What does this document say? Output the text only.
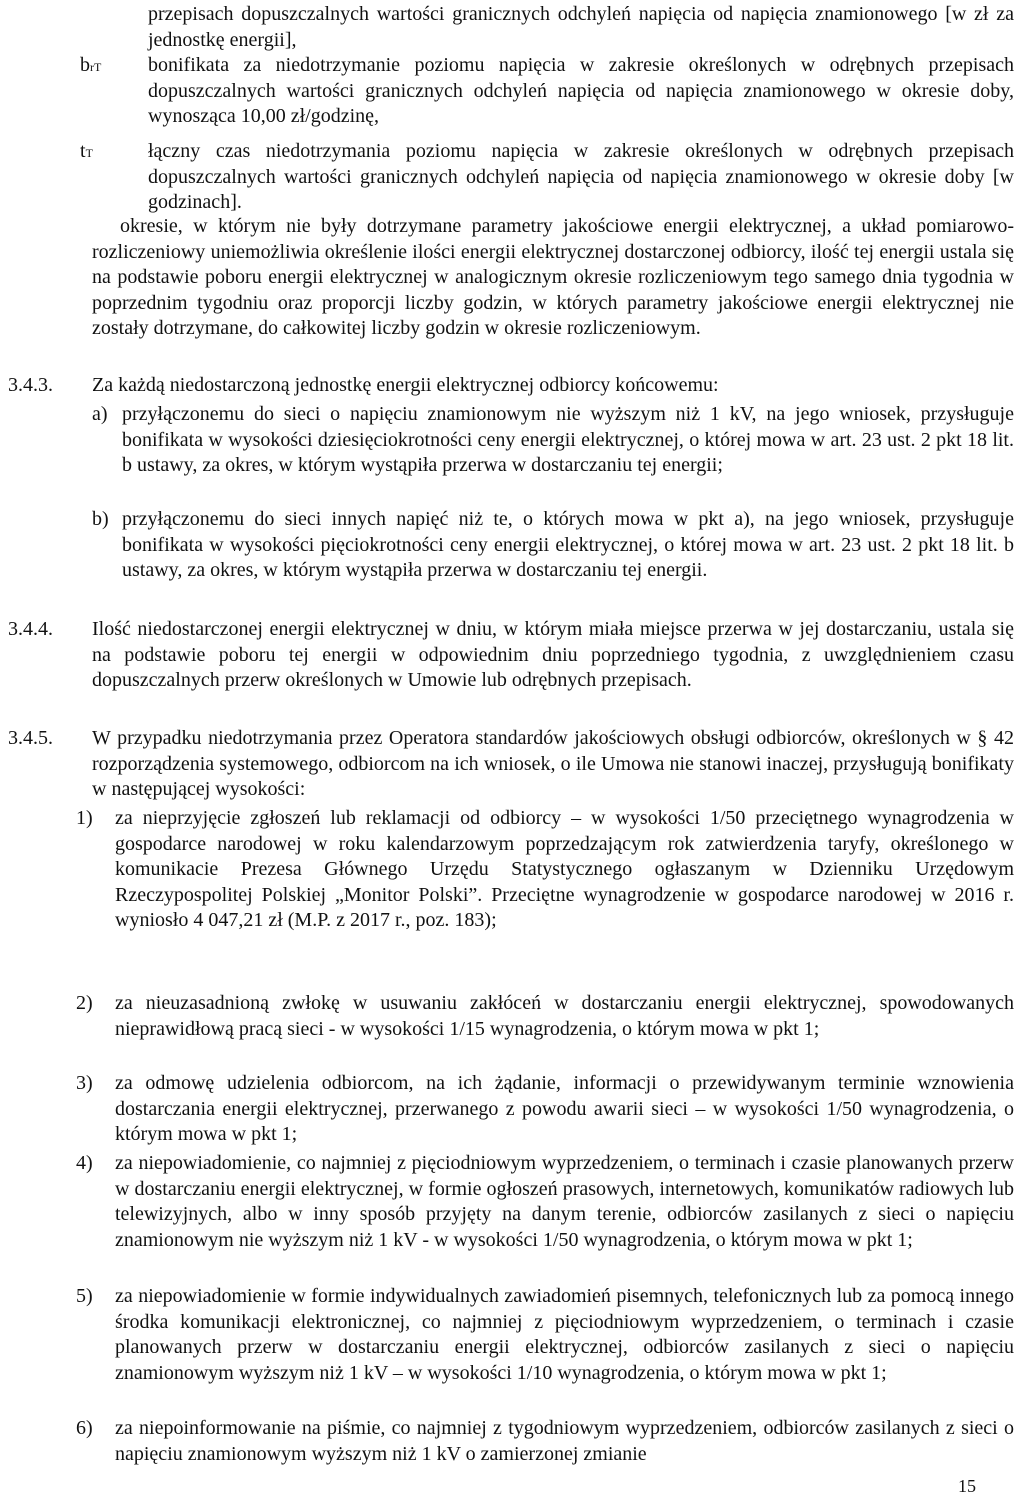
przepisach dopuszczalnych wartości granicznych odchyleń napięcia od napięcia znamionowego [w zł za jednostkę energii],
brT bonifikata za niedotrzymanie poziomu napięcia w zakresie określonych w odrębnych przepisach dopuszczalnych wartości granicznych odchyleń napięcia od napięcia znamionowego w okresie doby, wynosząca 10,00 zł/godzinę,
tT	łączny czas niedotrzymania poziomu napięcia w zakresie określonych w odrębnych przepisach dopuszczalnych wartości granicznych odchyleń napięcia od napięcia znamionowego w okresie doby [w godzinach].
okresie, w którym nie były dotrzymane parametry jakościowe energii elektrycznej, a układ pomiarowo-rozliczeniowy uniemożliwia określenie ilości energii elektrycznej dostarczonej odbiorcy, ilość tej energii ustala się na podstawie poboru energii elektrycznej w analogicznym okresie rozliczeniowym tego samego dnia tygodnia w poprzednim tygodniu oraz proporcji liczby godzin, w których parametry jakościowe energii elektrycznej nie zostały dotrzymane, do całkowitej liczby godzin w okresie rozliczeniowym.
3.4.3. Za każdą niedostarczoną jednostkę energii elektrycznej odbiorcy końcowemu:
a) przyłączonemu do sieci o napięciu znamionowym nie wyższym niż 1 kV, na jego wniosek, przysługuje bonifikata w wysokości dziesięciokrotności ceny energii elektrycznej, o której mowa w art. 23 ust. 2 pkt 18 lit. b ustawy, za okres, w którym wystąpiła przerwa w dostarczaniu tej energii;
b) przyłączonemu do sieci innych napięć niż te, o których mowa w pkt a), na jego wniosek, przysługuje bonifikata w wysokości pięciokrotności ceny energii elektrycznej, o której mowa w art. 23 ust. 2 pkt 18 lit. b ustawy, za okres, w którym wystąpiła przerwa w dostarczaniu tej energii.
3.4.4. Ilość niedostarczonej energii elektrycznej w dniu, w którym miała miejsce przerwa w jej dostarczaniu, ustala się na podstawie poboru tej energii w odpowiednim dniu poprzedniego tygodnia, z uwzględnieniem czasu dopuszczalnych przerw określonych w Umowie lub odrębnych przepisach.
3.4.5. W przypadku niedotrzymania przez Operatora standardów jakościowych obsługi odbiorców, określonych w § 42 rozporządzenia systemowego, odbiorcom na ich wniosek, o ile Umowa nie stanowi inaczej, przysługują bonifikaty w następującej wysokości:
1) za nieprzyjęcie zgłoszeń lub reklamacji od odbiorcy – w wysokości 1/50 przeciętnego wynagrodzenia w gospodarce narodowej w roku kalendarzowym poprzedzającym rok zatwierdzenia taryfy, określonego w komunikacie Prezesa Głównego Urzędu Statystycznego ogłaszanym w Dzienniku Urzędowym Rzeczypospolitej Polskiej „Monitor Polski”. Przeciętne wynagrodzenie w gospodarce narodowej w 2016 r. wyniosło 4 047,21 zł (M.P. z 2017 r., poz. 183);
2) za nieuzasadnioną zwłokę w usuwaniu zakłóceń w dostarczaniu energii elektrycznej, spowodowanych nieprawidłową pracą sieci - w wysokości 1/15 wynagrodzenia, o którym mowa w pkt 1;
3) za odmowę udzielenia odbiorcom, na ich żądanie, informacji o przewidywanym terminie wznowienia dostarczania energii elektrycznej, przerwanego z powodu awarii sieci – w wysokości 1/50 wynagrodzenia, o którym mowa w pkt 1;
4) za niepowiadomienie, co najmniej z pięciodniowym wyprzedzeniem, o terminach i czasie planowanych przerw w dostarczaniu energii elektrycznej, w formie ogłoszeń prasowych, internetowych, komunikatów radiowych lub telewizyjnych, albo w inny sposób przyjęty na danym terenie, odbiorców zasilanych z sieci o napięciu znamionowym nie wyższym niż 1 kV - w wysokości 1/50 wynagrodzenia, o którym mowa w pkt 1;
5) za niepowiadomienie w formie indywidualnych zawiadomień pisemnych, telefonicznych lub za pomocą innego środka komunikacji elektronicznej, co najmniej z pięciodniowym wyprzedzeniem, o terminach i czasie planowanych przerw w dostarczaniu energii elektrycznej, odbiorców zasilanych z sieci o napięciu znamionowym wyższym niż 1 kV – w wysokości 1/10 wynagrodzenia, o którym mowa w pkt 1;
6) za niepoinformowanie na piśmie, co najmniej z tygodniowym wyprzedzeniem, odbiorców zasilanych z sieci o napięciu znamionowym wyższym niż 1 kV o zamierzonej zmianie
15
